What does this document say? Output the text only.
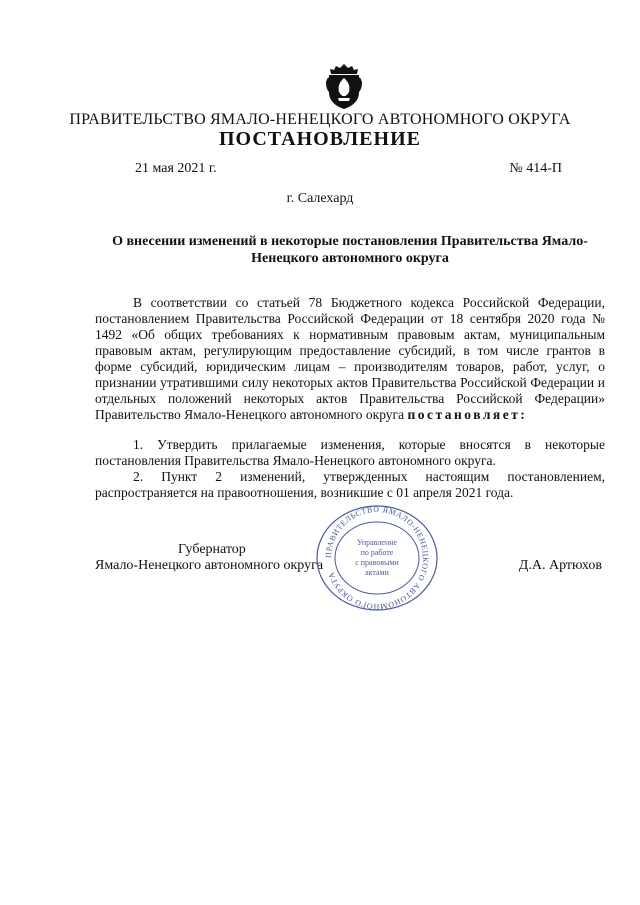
ПРАВИТЕЛЬСТВО ЯМАЛО-НЕНЕЦКОГО АВТОНОМНОГО ОКРУГА
ПОСТАНОВЛЕНИЕ
21 мая 2021 г.	№ 414-П
г. Салехард
О внесении изменений в некоторые постановления Правительства Ямало-Ненецкого автономного округа
В соответствии со статьей 78 Бюджетного кодекса Российской Федерации, постановлением Правительства Российской Федерации от 18 сентября 2020 года № 1492 «Об общих требованиях к нормативным правовым актам, муниципальным правовым актам, регулирующим предоставление субсидий, в том числе грантов в форме субсидий, юридическим лицам – производителям товаров, работ, услуг, о признании утратившими силу некоторых актов Правительства Российской Федерации и отдельных положений некоторых актов Правительства Российской Федерации» Правительство Ямало-Ненецкого автономного округа постановляет:
1. Утвердить прилагаемые изменения, которые вносятся в некоторые постановления Правительства Ямало-Ненецкого автономного округа.
2. Пункт 2 изменений, утвержденных настоящим постановлением, распространяется на правоотношения, возникшие с 01 апреля 2021 года.
Губернатор
Ямало-Ненецкого автономного округа	Д.А. Артюхов
ПРАВИТЕЛЬСТВО ЯМАЛО-НЕНЕЦКОГО АВТОНОМНОГО ОКРУГА
Управление
по работе
с правовыми
актами
